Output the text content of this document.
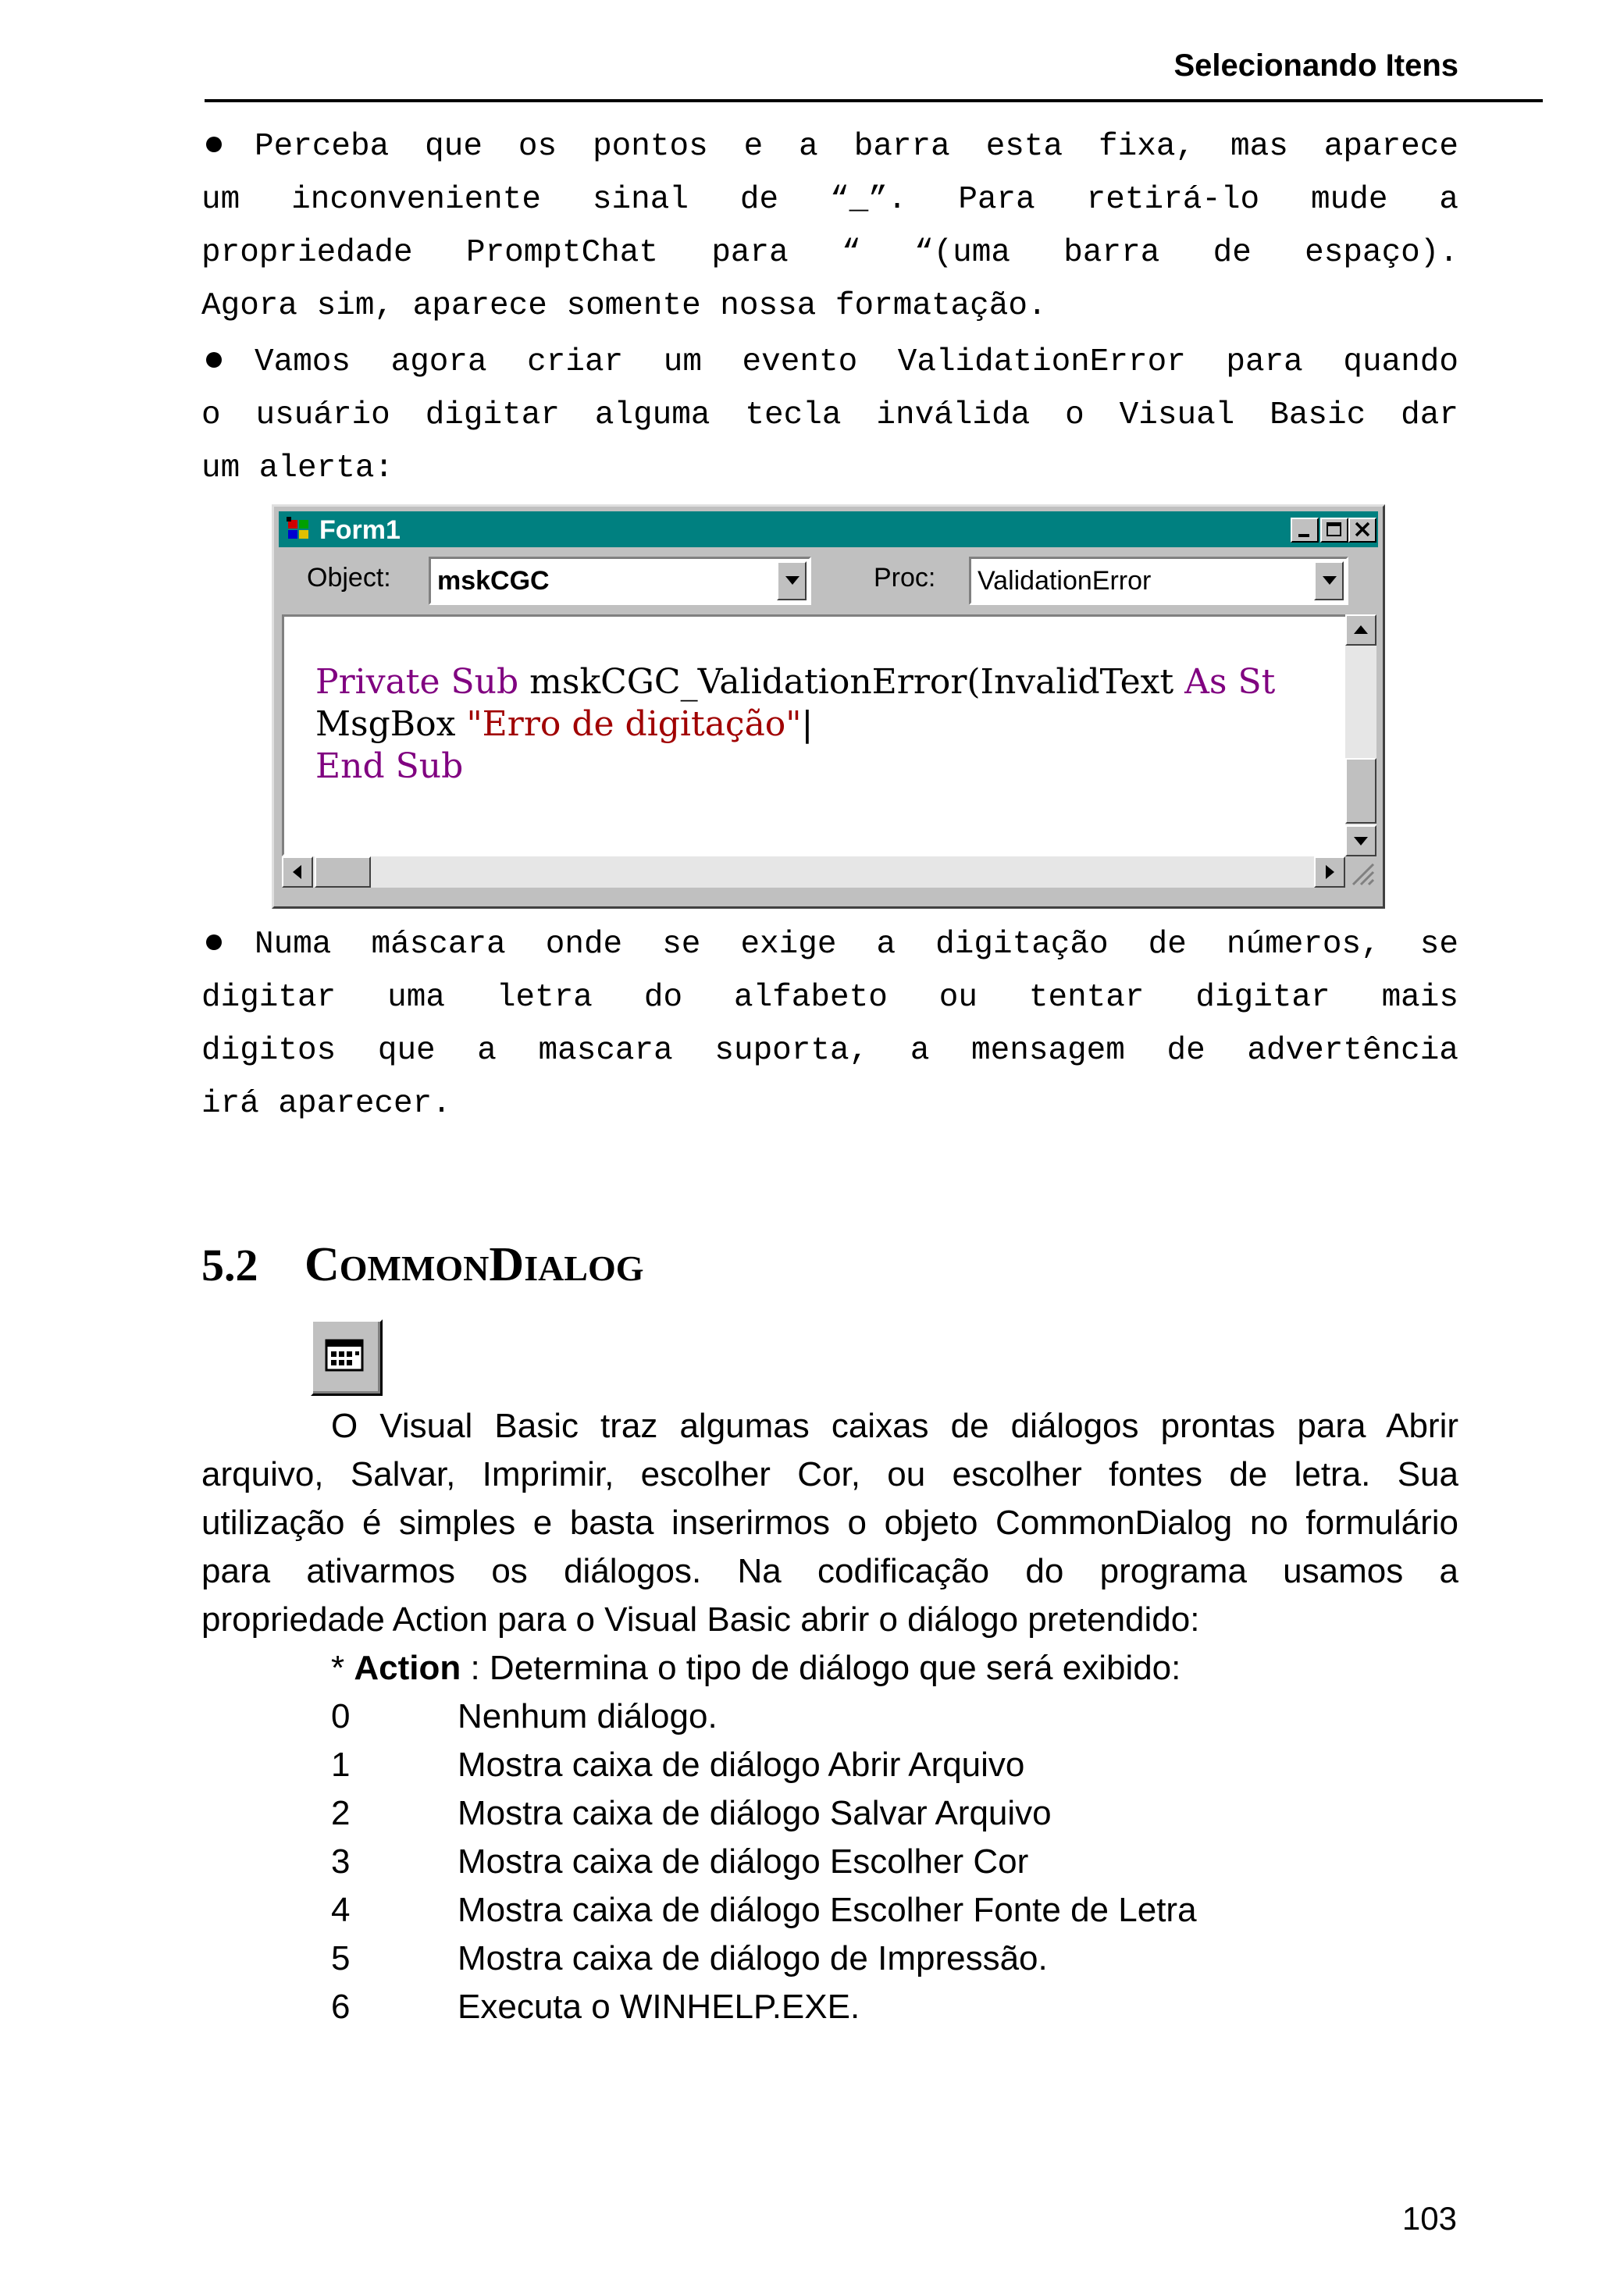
Selecionando Itens
Perceba que os pontos e a barra esta fixa, mas aparece
um inconveniente sinal de “_”. Para retirá-lo mude a
propriedade PromptChat para “ “(uma barra de espaço).
Agora sim, aparece somente nossa formatação.
Vamos agora criar um evento ValidationError para quando
o usuário digitar alguma tecla inválida o Visual Basic dar
um alerta:
Form1
Object: mskCGC	Proc: ValidationError
Private Sub mskCGC_ValidationError(InvalidText As St
MsgBox "Erro de digitação"|
End Sub
Numa máscara onde se exige a digitação de números, se
digitar uma letra do alfabeto ou tentar digitar mais
digitos que a mascara suporta, a mensagem de advertência
irá aparecer.
5.2 COMMONDIALOG
O Visual Basic traz algumas caixas de diálogos prontas para Abrir
arquivo, Salvar, Imprimir, escolher Cor, ou escolher fontes de letra. Sua
utilização é simples e basta inserirmos o objeto CommonDialog no formulário
para ativarmos os diálogos. Na codificação do programa usamos a
propriedade Action para o Visual Basic abrir o diálogo pretendido:
* Action : Determina o tipo de diálogo que será exibido:
0	Nenhum diálogo.
1	Mostra caixa de diálogo Abrir Arquivo
2	Mostra caixa de diálogo Salvar Arquivo
3	Mostra caixa de diálogo Escolher Cor
4	Mostra caixa de diálogo Escolher Fonte de Letra
5	Mostra caixa de diálogo de Impressão.
6	Executa o WINHELP.EXE.
103
